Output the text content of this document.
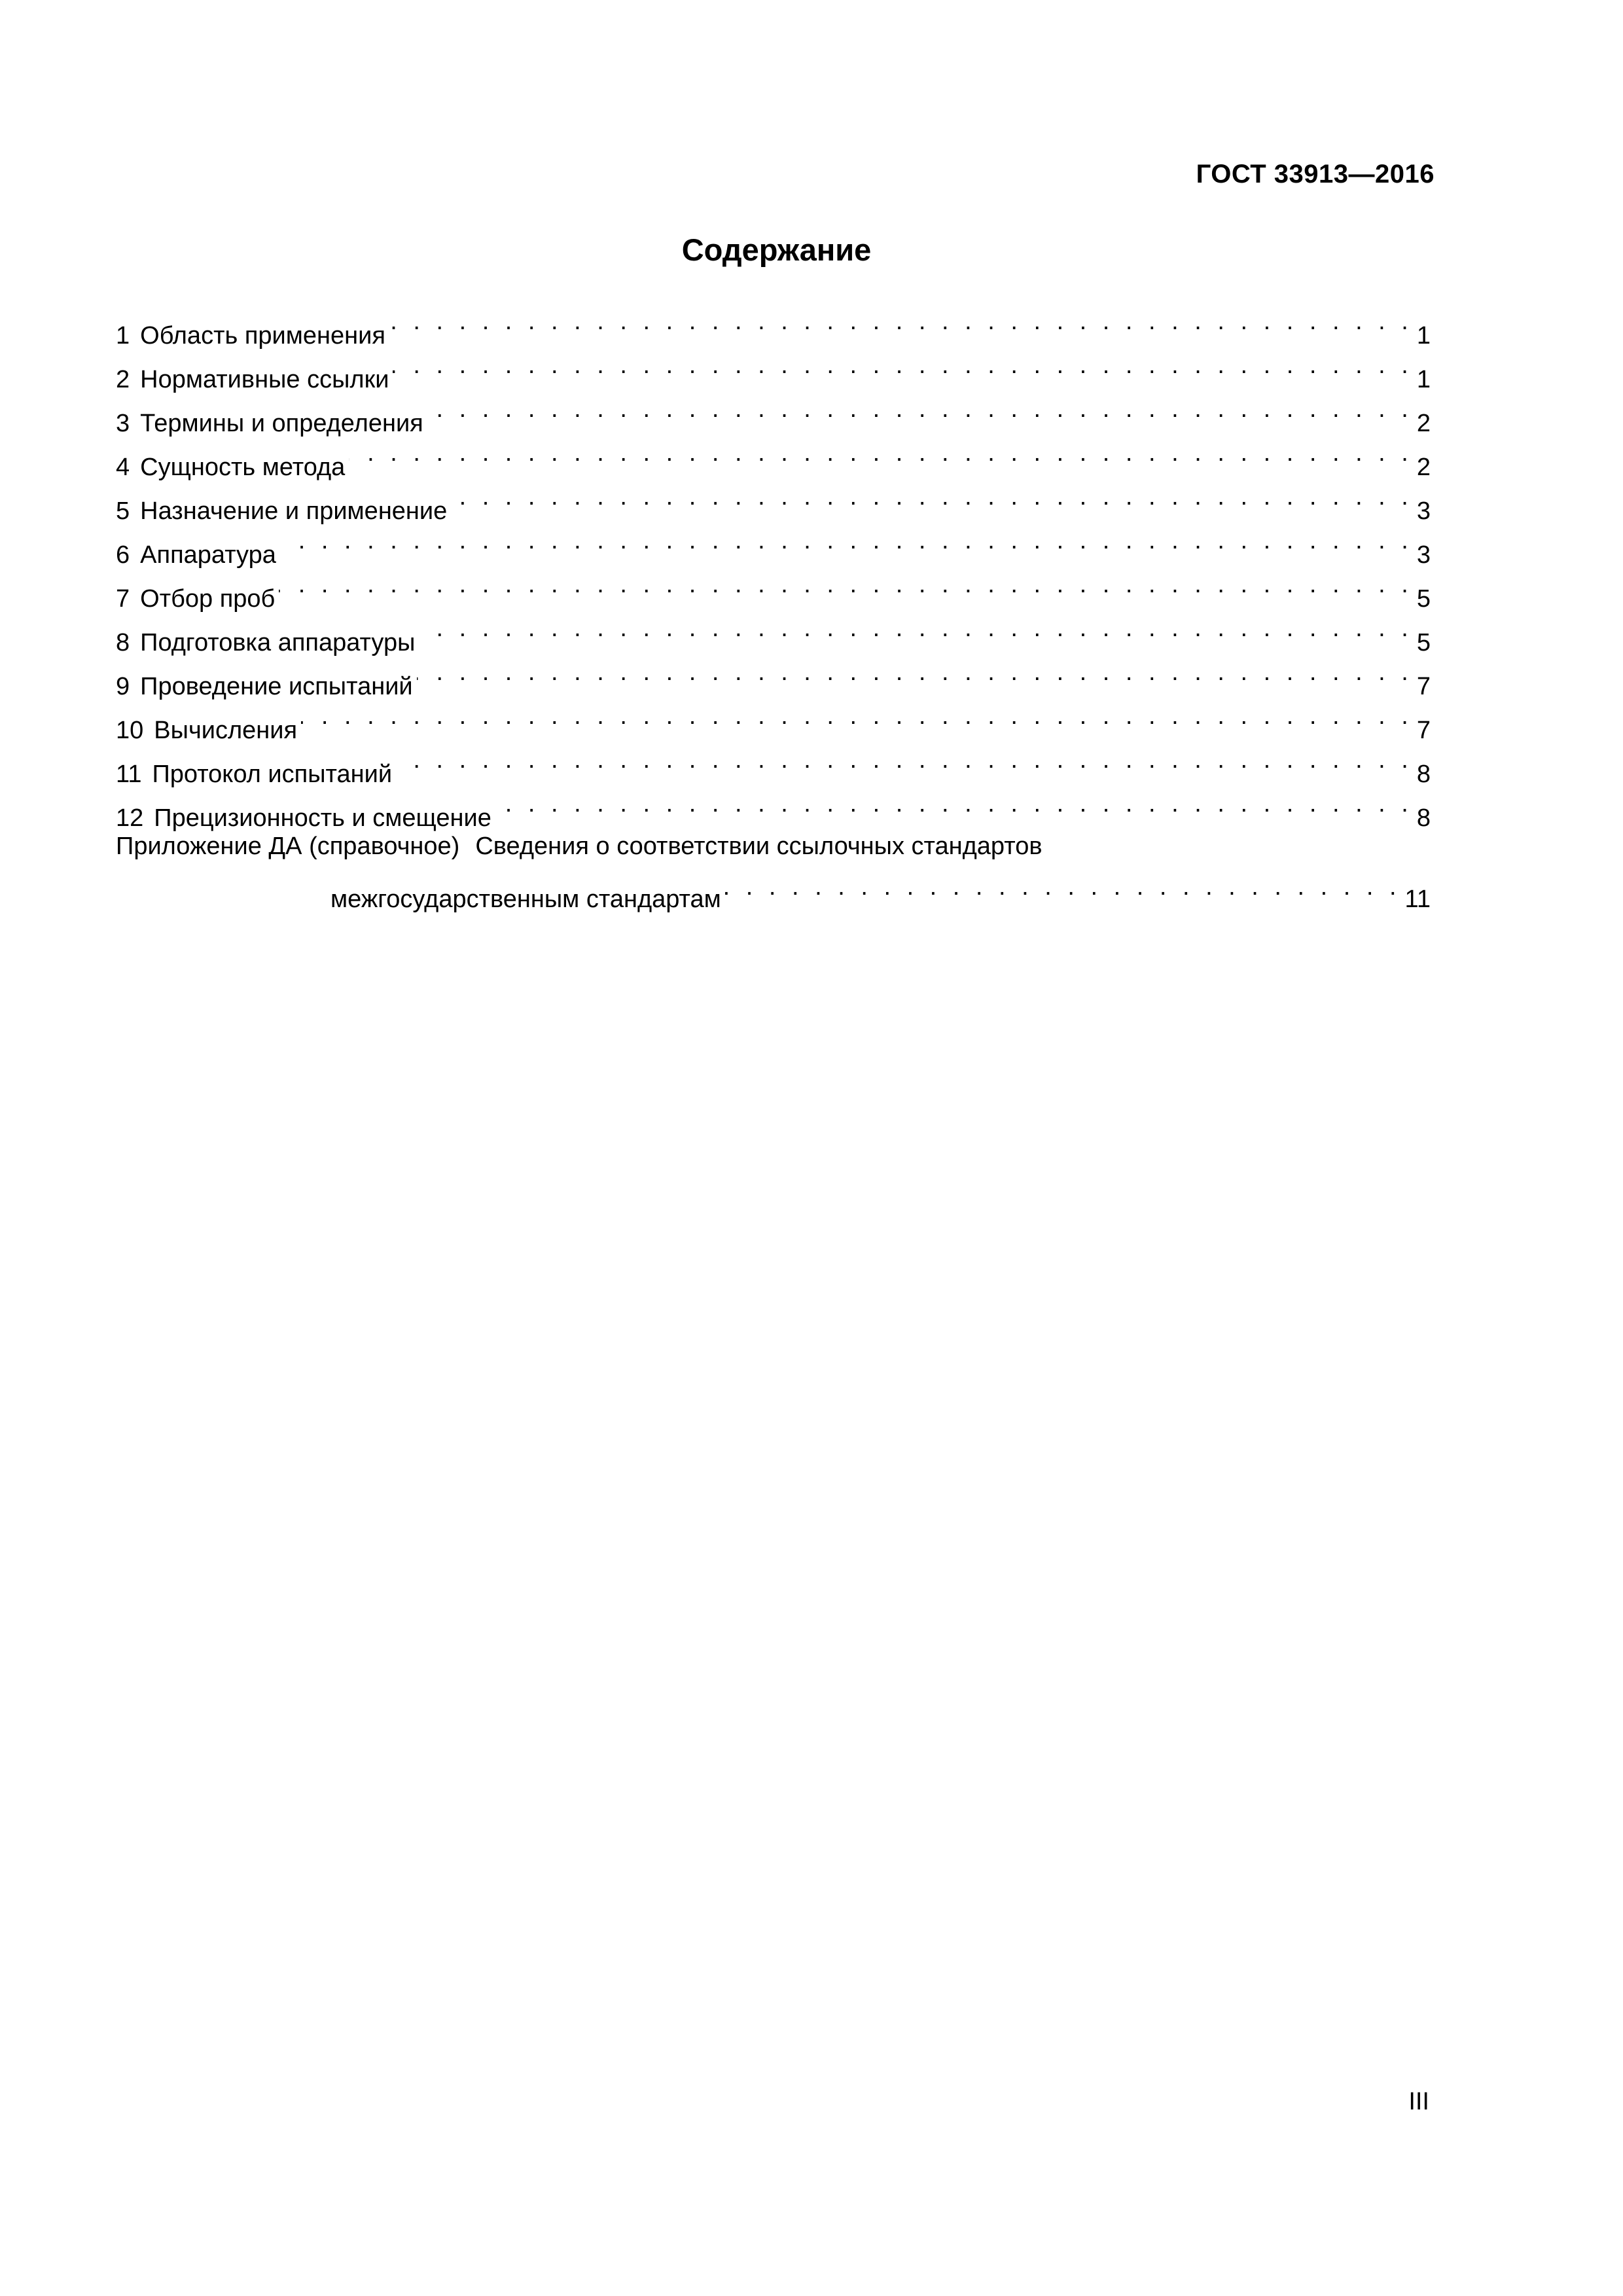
ГОСТ 33913—2016

Содержание
1 Область применения . . .	1
2 Нормативные ссылки . . .	1
3 Термины и определения . . .	2
4 Сущность метода . . .	2
5 Назначение и применение . . .	3
6 Аппаратура . . .	3
7 Отбор проб . . .	5
8 Подготовка аппаратуры . . .	5
9 Проведение испытаний . . .	7
10 Вычисления . . .	7
11 Протокол испытаний . . .	8
12 Прецизионность и смещение . . .	8
Приложение ДА (справочное) Сведения о соответствии ссылочных стандартов
межгосударственным стандартам . . .	11

III
